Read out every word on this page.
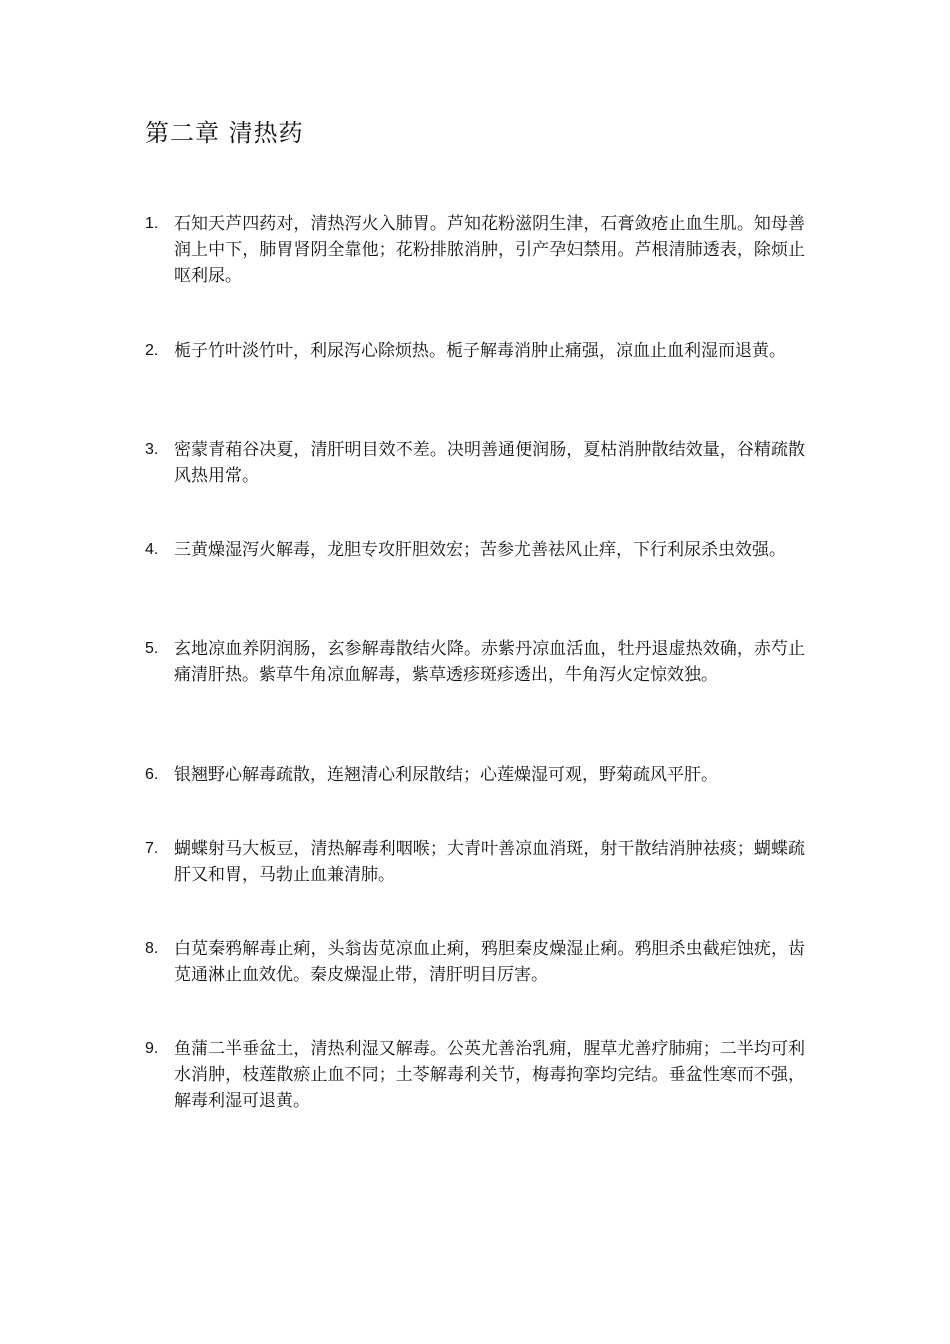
第二章 清热药
1. 石知天芦四药对，清热泻火入肺胃。芦知花粉滋阴生津，石膏敛疮止血生肌。知母善润上中下，肺胃肾阴全靠他；花粉排脓消肿，引产孕妇禁用。芦根清肺透表，除烦止呕利尿。
2. 栀子竹叶淡竹叶，利尿泻心除烦热。栀子解毒消肿止痛强，凉血止血利湿而退黄。
3. 密蒙青葙谷决夏，清肝明目效不差。决明善通便润肠，夏枯消肿散结效量，谷精疏散风热用常。
4. 三黄燥湿泻火解毒，龙胆专攻肝胆效宏；苦参尤善祛风止痒，下行利尿杀虫效强。
5. 玄地凉血养阴润肠，玄参解毒散结火降。赤紫丹凉血活血，牡丹退虚热效确，赤芍止痛清肝热。紫草牛角凉血解毒，紫草透疹斑疹透出，牛角泻火定惊效独。
6. 银翘野心解毒疏散，连翘清心利尿散结；心莲燥湿可观，野菊疏风平肝。
7. 蝴蝶射马大板豆，清热解毒利咽喉；大青叶善凉血消斑，射干散结消肿祛痰；蝴蝶疏肝又和胃，马勃止血兼清肺。
8. 白苋秦鸦解毒止痢，头翁齿苋凉血止痢，鸦胆秦皮燥湿止痢。鸦胆杀虫截疟蚀疣，齿苋通淋止血效优。秦皮燥湿止带，清肝明目厉害。
9. 鱼蒲二半垂盆土，清热利湿又解毒。公英尤善治乳痈，腥草尤善疗肺痈；二半均可利水消肿，枝莲散瘀止血不同；土苓解毒利关节，梅毒拘挛均完结。垂盆性寒而不强，解毒利湿可退黄。
